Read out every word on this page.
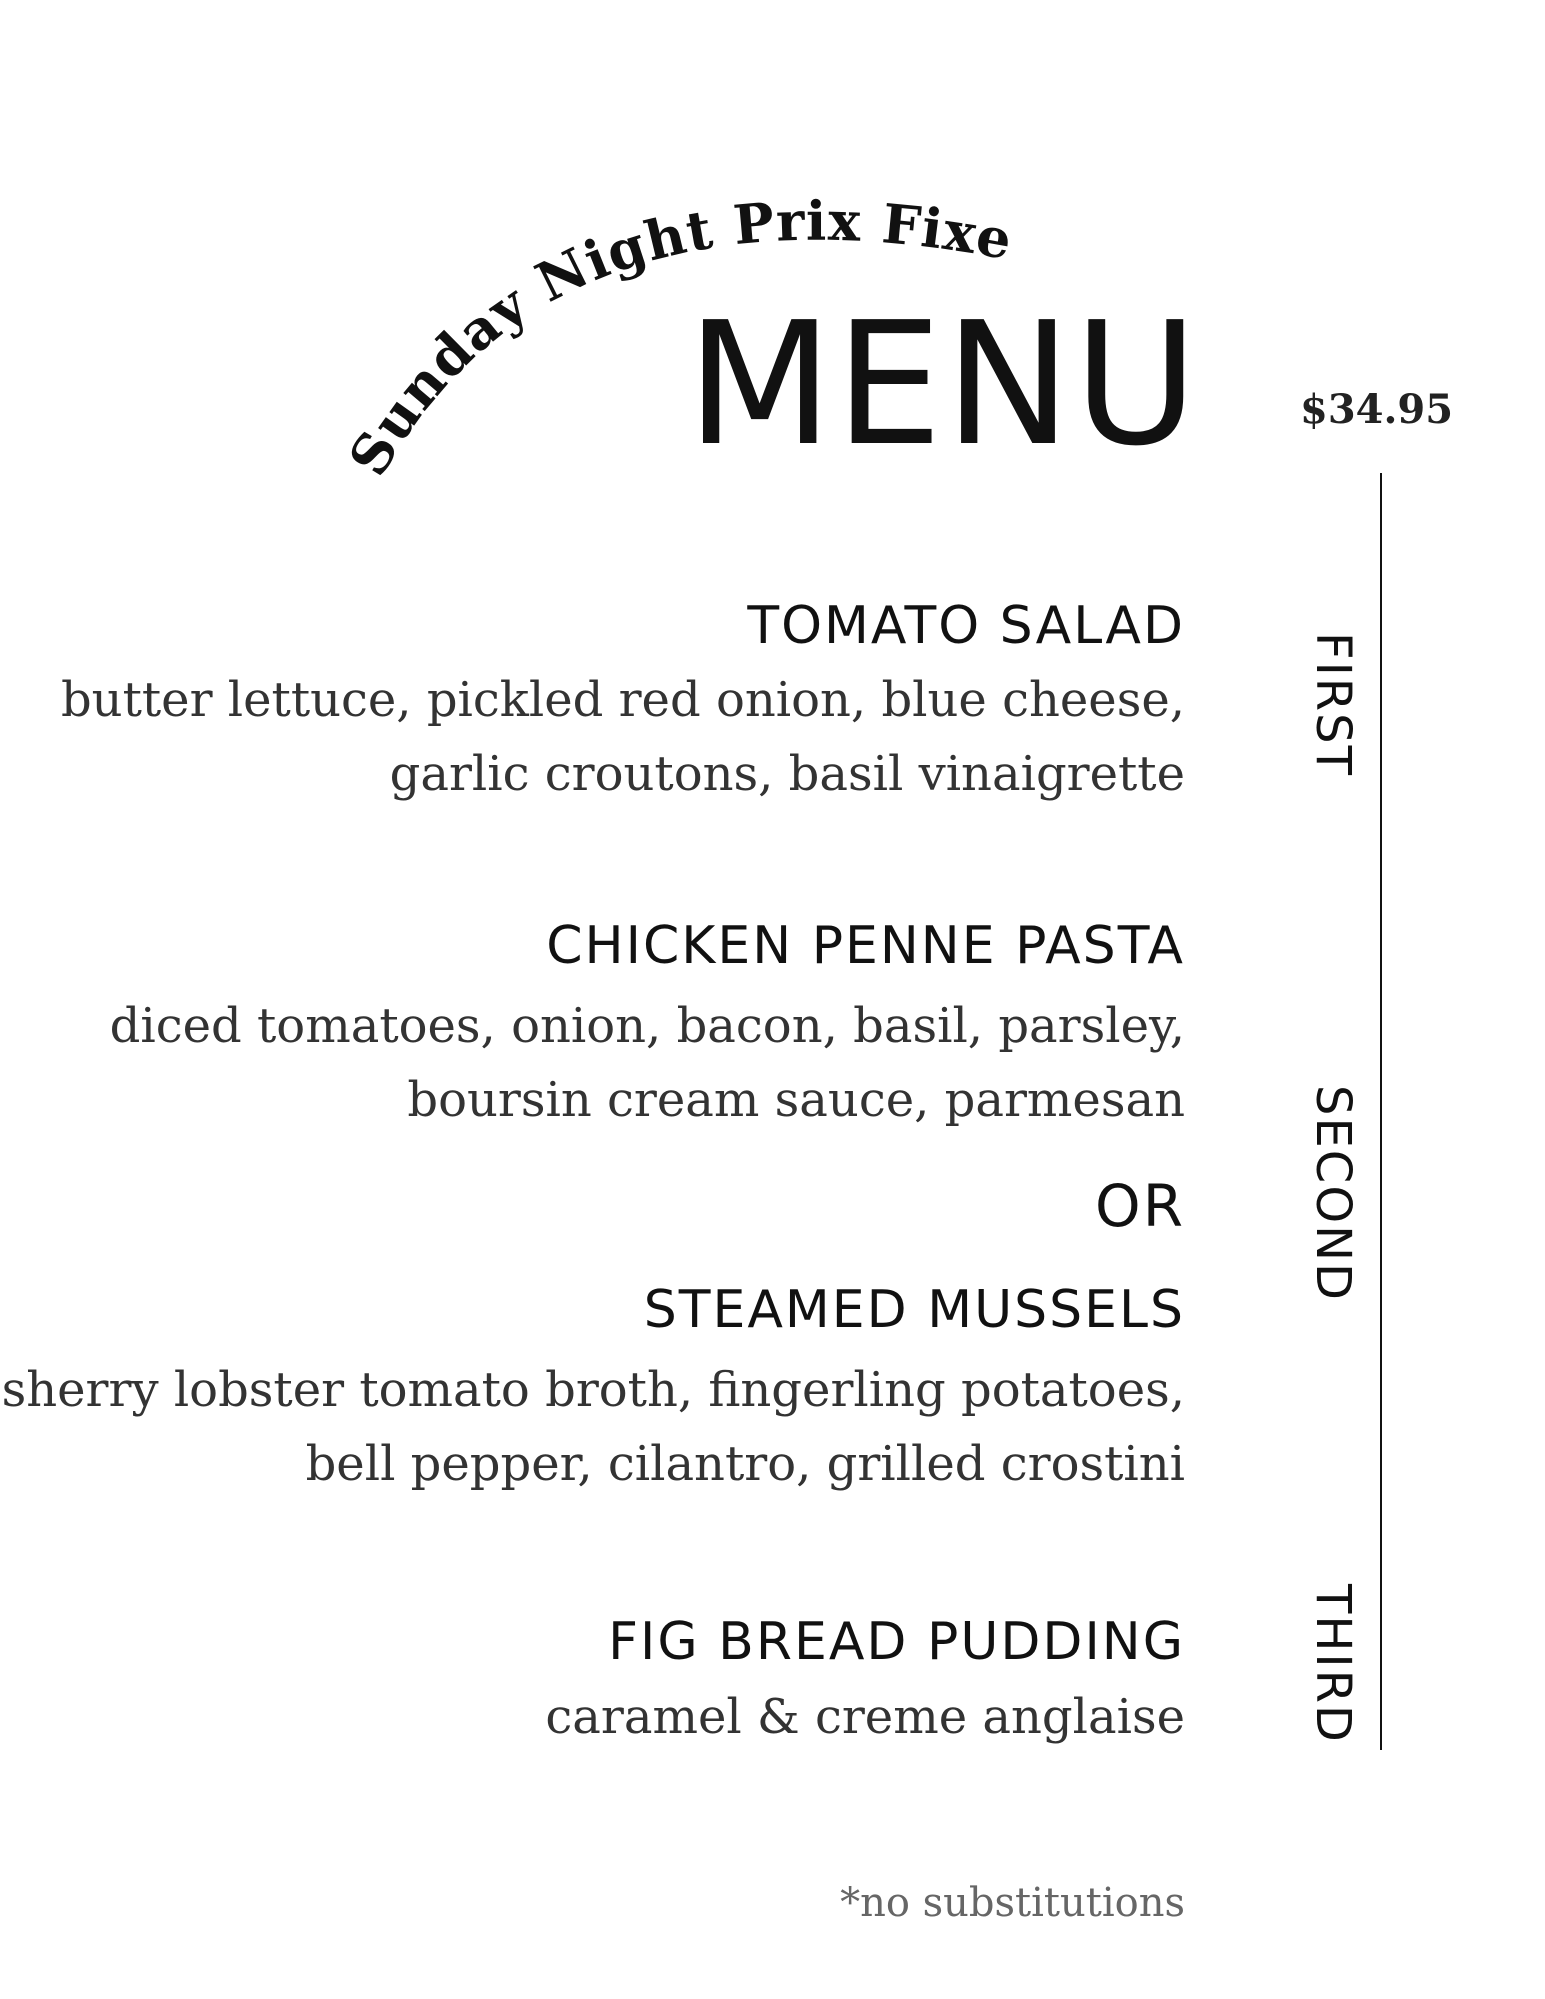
Sunday Night Prix Fixe
MENU	$34.95
FIRST
SECOND
THIRD
TOMATO SALAD
butter lettuce, pickled red onion, blue cheese,
garlic croutons, basil vinaigrette
CHICKEN PENNE PASTA
diced tomatoes, onion, bacon, basil, parsley,
boursin cream sauce, parmesan
OR
STEAMED MUSSELS
sherry lobster tomato broth, fingerling potatoes,
bell pepper, cilantro, grilled crostini
FIG BREAD PUDDING
caramel & creme anglaise
*no substitutions
